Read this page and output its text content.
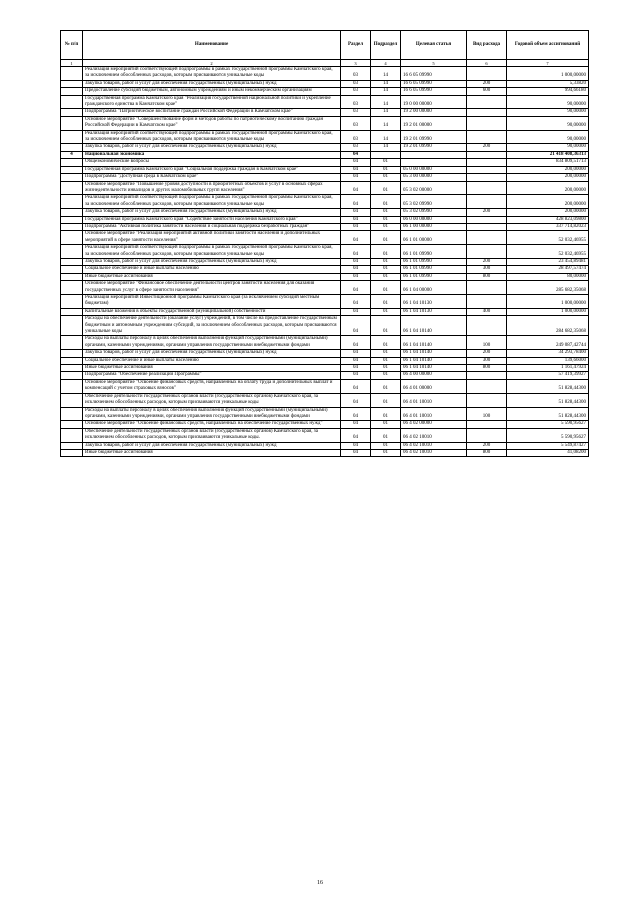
№ п/п	Наименование	Раздел	Подраздел	Целевая статья	Вид расхода	Годовой объем ассигнований
1	2	3	4	5	6	7
	Реализация мероприятий соответствующей подпрограммы в рамках государственной программы Камчатского края, за исключением обособленных расходов, которым присваиваются уникальные коды	03	14	16 6 05 09990		1 000,00000
	Закупка товаров, работ и услуг для обеспечения государственных (муниципальных) нужд	03	14	16 6 05 09990	200	5,33820
	Предоставление субсидий бюджетным, автономным учреждениям и иным некоммерческим организациям	03	14	16 6 05 09990	600	994,66180
	Государственная программа Камчатского края "Реализация государственной национальной политики и укрепление гражданского единства в Камчатском крае"	03	14	19 0 00 00000		90,00000
	Подпрограмма "Патриотическое воспитание граждан Российской Федерации в Камчатском крае"	03	14	19 2 00 00000		90,00000
	Основное мероприятие "Совершенствование форм и методов работы по патриотическому воспитанию граждан Российской Федерации в Камчатском крае"	03	14	19 2 01 00000		90,00000
	Реализация мероприятий соответствующей подпрограммы в рамках государственной программы Камчатского края, за исключением обособленных расходов, которым присваиваются уникальные коды	03	14	19 2 01 09990		90,00000
	Закупка товаров, работ и услуг для обеспечения государственных (муниципальных) нужд	03	14	19 2 01 09990	200	90,00000
4	Национальная экономика	04				21 418 408,36313
	Общеэкономические вопросы	04	01			834 809,51713
	Государственная программа Камчатского края "Социальная поддержка граждан в Камчатском крае"	04	01	05 0 00 00000		200,00000
	Подпрограмма "Доступная среда в Камчатском крае"	04	01	05 3 00 00000		200,00000
	Основное мероприятие "Повышение уровня доступности в приоритетных объектов и услуг в основных сферах жизнедеятельности инвалидов и других маломобильных групп населения"	04	01	05 3 02 00000		200,00000
	Реализация мероприятий соответствующей подпрограммы в рамках государственной программы Камчатского края, за исключением обособленных расходов, которым присваиваются уникальные коды	04	01	05 3 02 09990		200,00000
	Закупка товаров, работ и услуг для обеспечения государственных (муниципальных) нужд	04	01	05 3 02 09990	200	200,00000
	Государственная программа Камчатского края "Содействие занятости населения Камчатского края"	04	01	06 0 00 00000		428 823,09800
	Подпрограмма "Активная политика занятости населения и социальная поддержка безработных граждан"	04	01	06 1 00 00000		337 714,82023
	Основное мероприятие "Реализация мероприятий активной политики занятости населения и дополнительных мероприятий в сфере занятости населения"	04	01	06 1 01 00000		52 032,46955
	Реализация мероприятий соответствующей подпрограммы в рамках государственной программы Камчатского края, за исключением обособленных расходов, которым присваиваются уникальные коды	04	01	06 1 01 09990		52 032,46955
	Закупка товаров, работ и услуг для обеспечения государственных (муниципальных) нужд	04	01	06 1 01 09990	200	23 454,89481
	Социальное обеспечение и иные выплаты населению	04	01	06 1 01 09990	300	28 497,57474
	Иные бюджетные ассигнования	04	01	06 1 01 09990	800	80,00000
	Основное мероприятие "Финансовое обеспечение деятельности центров занятости населения для оказания государственных услуг в сфере занятости населения"	04	01	06 1 04 00000		285 682,35068
	Реализация мероприятий Инвестиционной программы Камчатского края (за исключением субсидий местным бюджетам)	04	01	06 1 04 10130		1 000,00000
	Капитальные вложения в объекты государственной (муниципальной) собственности	04	01	06 1 04 10130	400	1 000,00000
	Расходы на обеспечение деятельности (оказание услуг) учреждений, в том числе на предоставление государственным бюджетным и автономным учреждениям субсидий, за исключением обособленных расходов, которым присваиваются уникальные коды	04	01	06 1 04 10140		284 682,35068
	Расходы на выплаты персоналу в целях обеспечения выполнения функций государственными (муниципальными) органами, казенными учреждениями, органами управления государственными внебюджетными фондами	04	01	06 1 04 10140	100	249 087,42744
	Закупка товаров, работ и услуг для обеспечения государственных (муниципальных) нужд	04	01	06 1 04 10140	200	34 293,78400
	Социальное обеспечение и иные выплаты населению	04	01	06 1 04 10140	300	139,66000
	Иные бюджетные ассигнования	04	01	06 1 04 10140	800	1 161,47924
	Подпрограмма "Обеспечение реализации Программы"	04	01	06 4 00 00000		57 419,39927
	Основное мероприятие "Освоение финансовых средств, направленных на оплату труда и дополнительных выплат и компенсаций с учетом страховых взносов"	04	01	06 4 01 00000		51 828,44300
	Обеспечение деятельности государственных органов власти (государственных органов) Камчатского края, за исключением обособленных расходов, которым присваиваются уникальные коды	04	01	06 4 01 10010		51 828,44300
	Расходы на выплаты персоналу в целях обеспечения выполнения функций государственными (муниципальными) органами, казенными учреждениями, органами управления государственными внебюджетными фондами	04	01	06 4 01 10010	100	51 828,44300
	Основное мероприятие "Освоение финансовых средств, направленных на обеспечение государственных нужд"	04	01	06 4 02 00000		5 590,95627
	Обеспечение деятельности государственных органов власти (государственных органов) Камчатского края, за исключением обособленных расходов, которым присваиваются уникальные коды.	04	01	06 4 02 10010		5 590,95627
	Закупка товаров, работ и услуг для обеспечения государственных (муниципальных) нужд	04	01	06 4 02 10010	200	5 549,87427
	Иные бюджетные ассигнования	04	01	06 4 02 10010	800	41,08200
16
